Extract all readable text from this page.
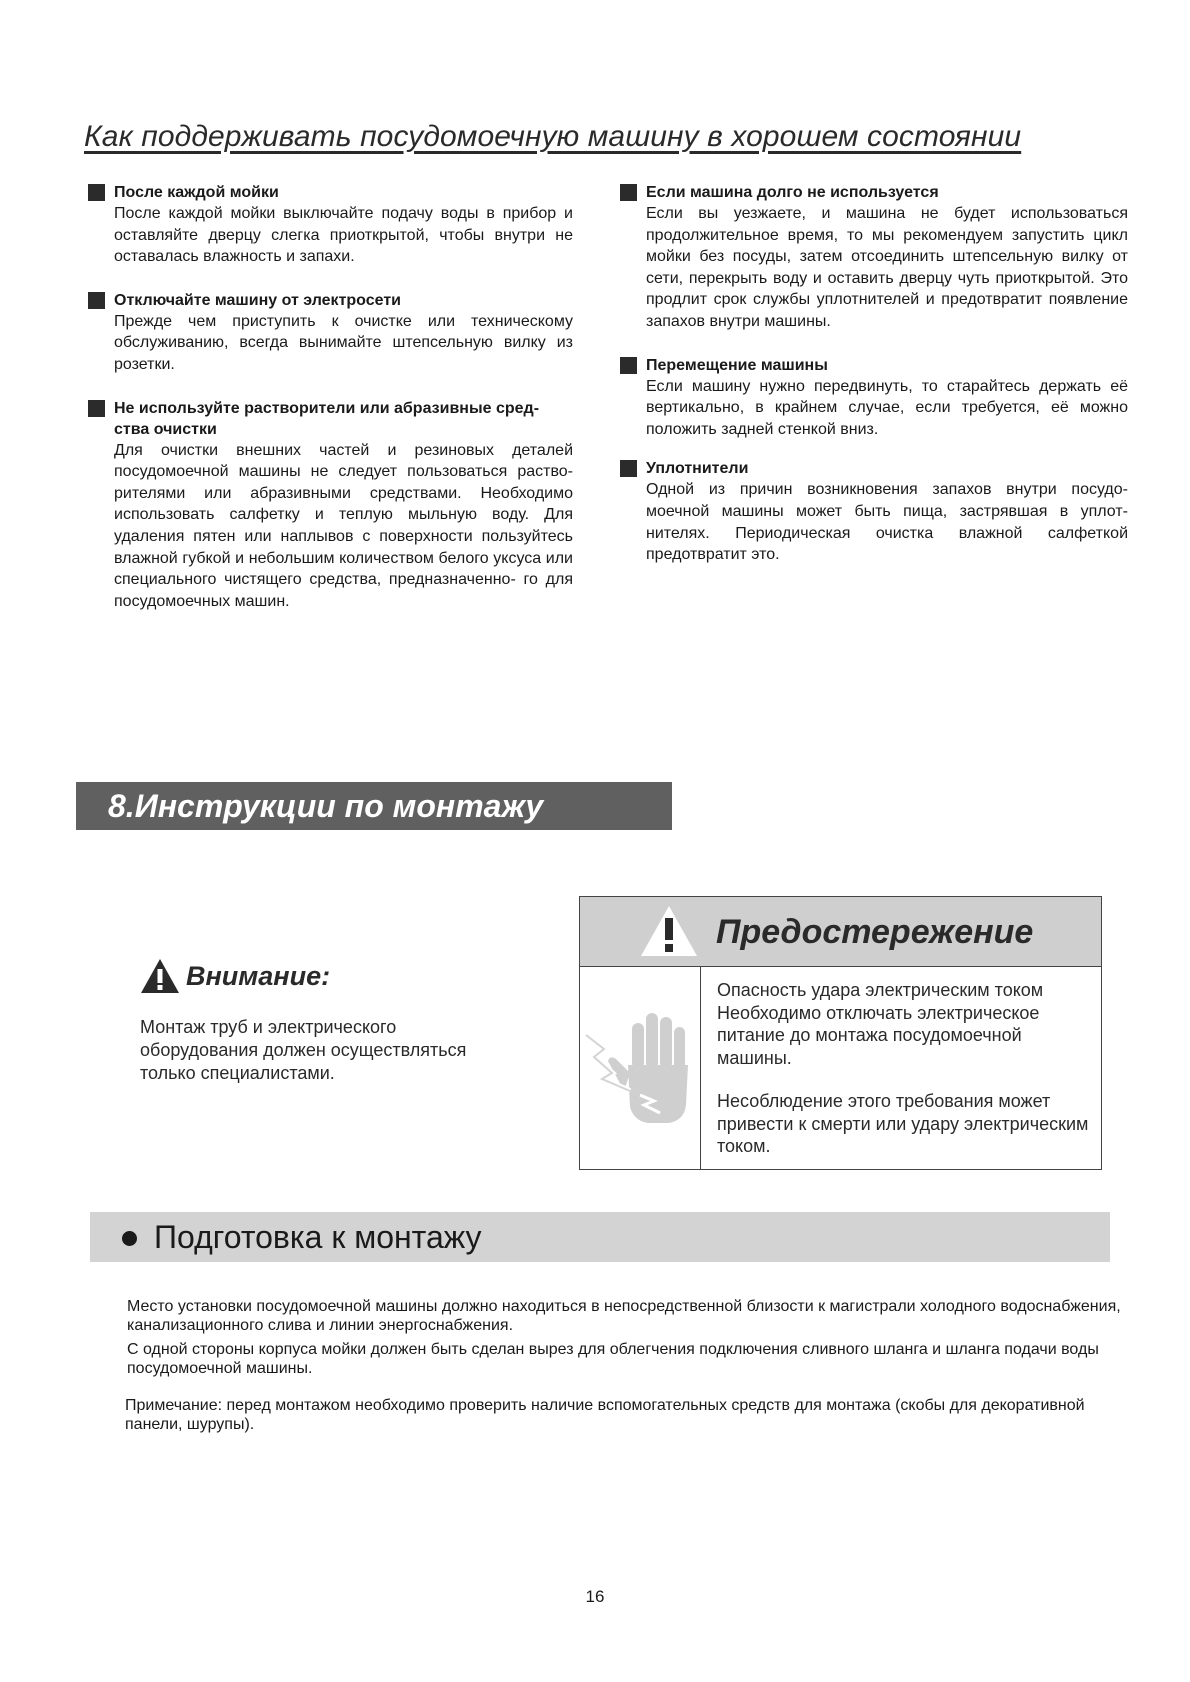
Как поддерживать посудомоечную машину в хорошем состоянии
После каждой мойки
После каждой мойки выключайте подачу воды в прибор и оставляйте дверцу слегка приоткрытой, чтобы внутри не оставалась влажность и запахи.
Отключайте машину от электросети
Прежде чем приступить к очистке или техническому обслуживанию, всегда вынимайте штепсельную вилку из розетки.
Не используйте растворители или абразивные сред- ства очистки
Для очистки внешних частей и резиновых деталей посудомоечной машины не следует пользоваться раство- рителями или абразивными средствами. Необходимо использовать салфетку и теплую мыльную воду. Для удаления пятен или наплывов с поверхности пользуйтесь влажной губкой и небольшим количеством белого уксуса или специального чистящего средства, предназначенно- го для посудомоечных машин.
Если машина долго не используется
Если вы уезжаете, и машина не будет использоваться продолжительное время, то мы рекомендуем запустить цикл мойки без посуды, затем отсоединить штепсельную вилку от сети, перекрыть воду и оставить дверцу чуть приоткрытой. Это продлит срок службы уплотнителей и предотвратит появление запахов внутри машины.
Перемещение машины
Если машину нужно передвинуть, то старайтесь держать её вертикально, в крайнем случае, если требуется, её можно положить задней стенкой вниз.
Уплотнители
Одной из причин возникновения запахов внутри посудо- моечной машины может быть пища, застрявшая в уплот- нителях. Периодическая очистка влажной салфеткой предотвратит это.
8.Инструкции по монтажу
Внимание:
Монтаж труб и электрического оборудования должен осуществляться только специалистами.
Предостережение

Опасность удара электрическим током Необходимо отключать электрическое питание до монтажа посудомоечной машины.

Несоблюдение этого требования может привести к смерти или удару электрическим током.

Подготовка к монтажу

Место установки посудомоечной машины должно находиться в непосредственной близости к магистрали холодного водоснабжения, канализационного слива и линии энергоснабжения.

С одной стороны корпуса мойки должен быть сделан вырез для облегчения подключения сливного шланга и шланга подачи воды посудомоечной машины.

Примечание: перед монтажом необходимо проверить наличие вспомогательных средств для монтажа (скобы для декоративной панели, шурупы).

16
